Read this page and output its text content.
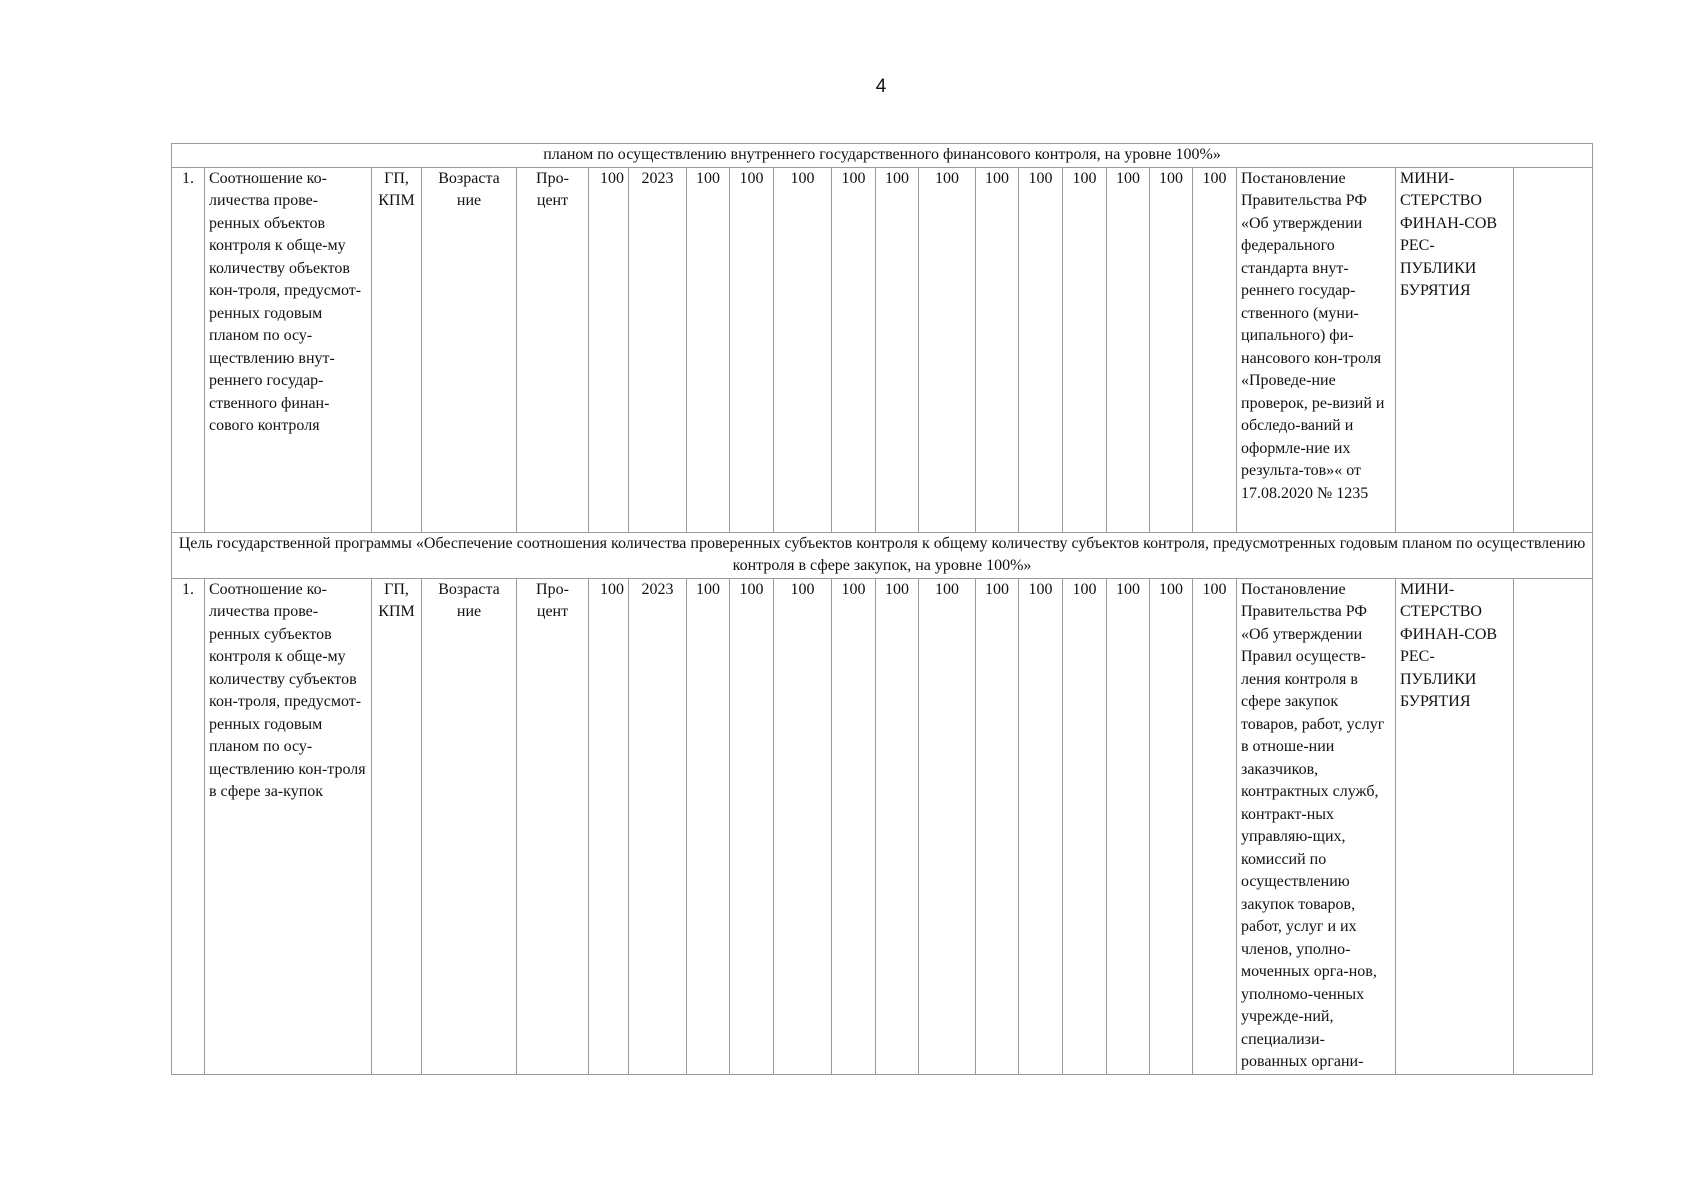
4
планом по осуществлению внутреннего государственного финансового контроля, на уровне 100%»																					
1.	Соотношение ко-личества прове-ренных объектов контроля к обще-му количеству объектов кон-троля, предусмот-ренных годовым планом по осу-ществлению внут-реннего государ-ственного финан-сового контроля	ГП, КПМ	Возраста ние	Про-цент	100	2023	100	100	100	100	100	100	100	100	100	100	100	100	Постановление Правительства РФ «Об утверждении федерального стандарта внут-реннего государ-ственного (муни-ципального) фи-нансового кон-троля «Проведе-ние проверок, ре-визий и обследо-ваний и оформле-ние их результа-тов»« от 17.08.2020 № 1235	МИНИ-СТЕРСТВО ФИНАН-СОВ РЕС-ПУБЛИКИ БУРЯТИЯ	
Цель государственной программы «Обеспечение соотношения количества проверенных субъектов контроля к общему количеству субъектов контроля, предусмотренных годовым планом по осуществлению контроля в сфере закупок, на уровне 100%»																					
1.	Соотношение ко-личества прове-ренных субъектов контроля к обще-му количеству субъектов кон-троля, предусмот-ренных годовым планом по осу-ществлению кон-троля в сфере за-купок	ГП, КПМ	Возраста ние	Про-цент	100	2023	100	100	100	100	100	100	100	100	100	100	100	100	Постановление Правительства РФ «Об утверждении Правил осуществ-ления контроля в сфере закупок товаров, работ, услуг в отноше-нии заказчиков, контрактных служб, контракт-ных управляю-щих, комиссий по осуществлению закупок товаров, работ, услуг и их членов, уполно-моченных орга-нов, уполномо-ченных учрежде-ний, специализи-рованных органи-	МИНИ-СТЕРСТВО ФИНАН-СОВ РЕС-ПУБЛИКИ БУРЯТИЯ	
